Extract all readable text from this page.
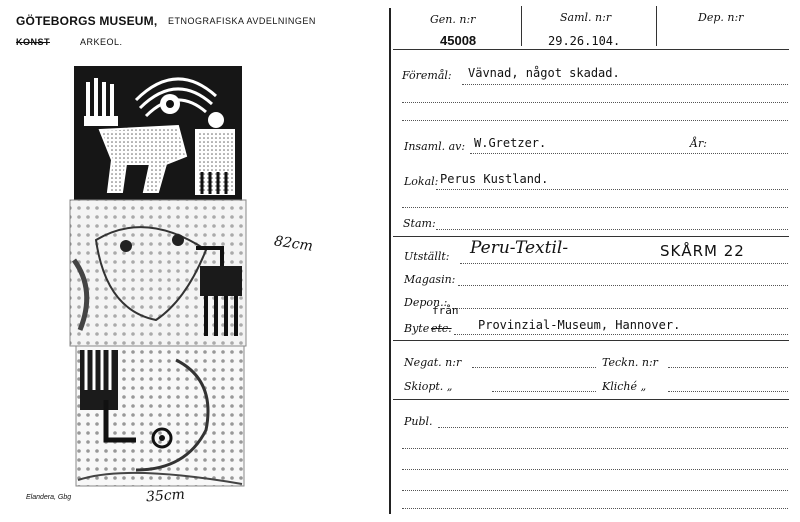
GÖTEBORGS MUSEUM, ETNOGRAFISKA AVDELNINGEN
KONST	ARKEOL.
82cm
35cm
Elandera, Gbg
Gen. n:r
45008
Saml. n:r
29.26.104.
Dep. n:r
Föremål: Vävnad, något skadad.
Insaml. av: W.Gretzer.	År:
Lokal: Perus Kustland.
Stam:
Utställt: Peru-Textil-	SKÅRM 22
Magasin:
Depon.:
från
Byte etc. Provinzial-Museum, Hannover.
Negat. n:r	Teckn. n:r
Skiopt. „	Kliché „
Publ.
